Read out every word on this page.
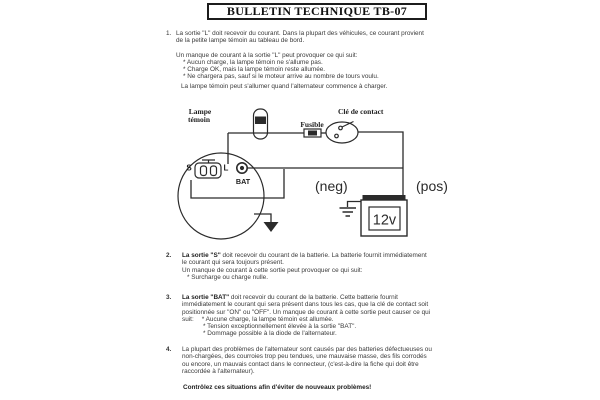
BULLETIN TECHNIQUE TB-07
1. La sortie "L" doit recevoir du courant. Dans la plupart des véhicules, ce courant provient
de la petite lampe témoin au tableau de bord.
Un manque de courant à la sortie "L" peut provoquer ce qui suit:
* Aucun charge, la lampe témoin ne s'allume pas.
* Charge OK, mais la lampe témoin reste allumée.
* Ne chargera pas, sauf si le moteur arrive au nombre de tours voulu.
La lampe témoin peut s'allumer quand l'alternateur commence à charger.
S	L
BAT
Lampe
témoin
Fusible
Clé de contact
12v
(neg)	(pos)
2.	La sortie "S" doit recevoir du courant de la batterie. La batterie fournit immédiatement
le courant qui sera toujours présent.
Un manque de courant à cette sortie peut provoquer ce qui suit:
* Surcharge ou charge nulle.
3.	La sortie "BAT" doit recevoir du courant de la batterie. Cette batterie fournit
immédiatement le courant qui sera présent dans tous les cas, que la clé de contact soit
positionnée sur "ON" ou "OFF". Un manque de courant à cette sortie peut causer ce qui
suit: * Aucune charge, la lampe témoin est allumée.
* Tension exceptionnellement élevée à la sortie "BAT".
* Dommage possible à la diode de l'alternateur.
4.	La plupart des problèmes de l'alternateur sont causés par des batteries défectueuses ou
non-chargées, des courroies trop peu tendues, une mauvaise masse, des fils corrodés
ou encore, un mauvais contact dans le connecteur, (c'est-à-dire la fiche qui doit être
raccordée à l'alternateur).
Contrôlez ces situations afin d'éviter de nouveaux problèmes!
